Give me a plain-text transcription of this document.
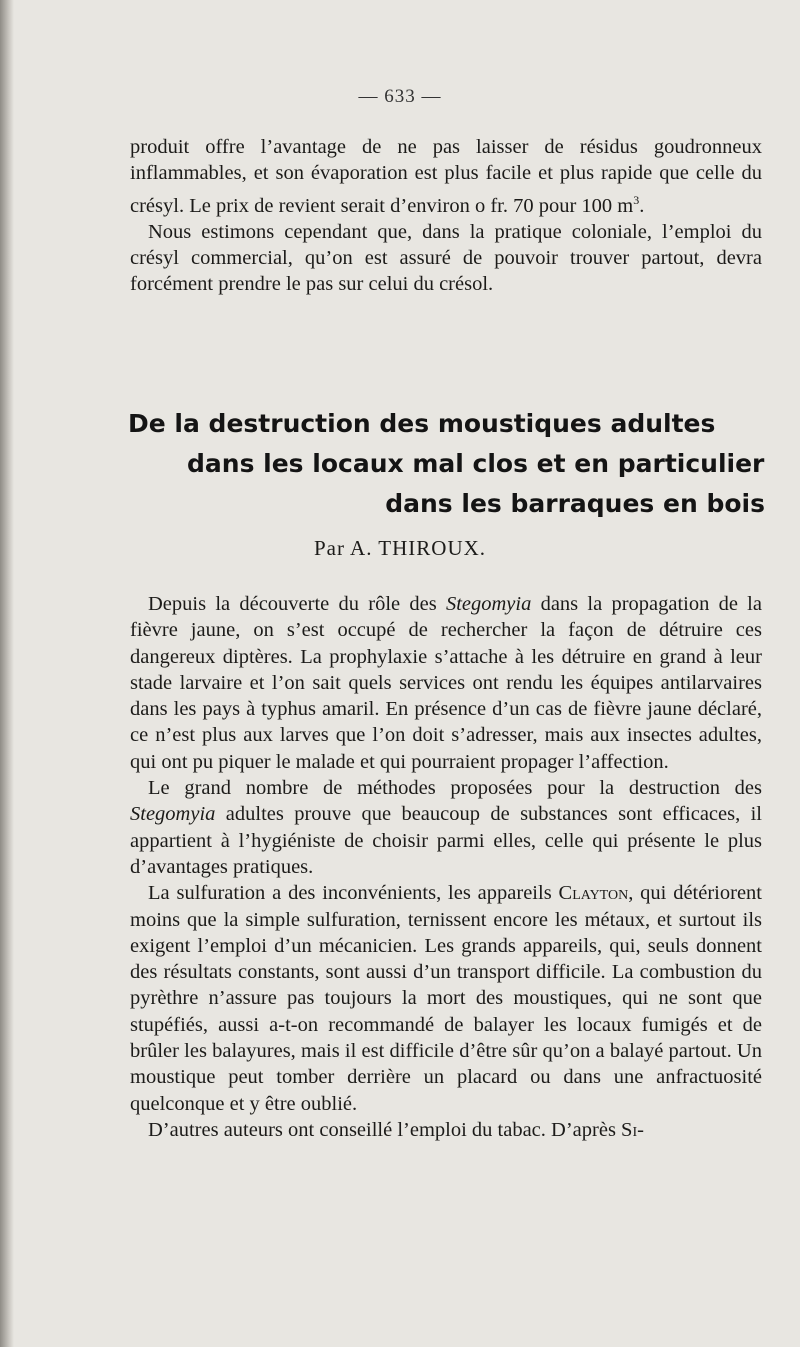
— 633 —

produit offre l’avantage de ne pas laisser de résidus goudronneux inflammables, et son évaporation est plus facile et plus rapide que celle du crésyl. Le prix de revient serait d’environ o fr. 70 pour 100 $m^3$.

Nous estimons cependant que, dans la pratique coloniale, l’emploi du crésyl commercial, qu’on est assuré de pouvoir trouver partout, devra forcément prendre le pas sur celui du crésol.

De la destruction des moustiques adultes
dans les locaux mal clos et en particulier
dans les barraques en bois
Par A. THIROUX.

Depuis la découverte du rôle des Stegomyia dans la propagation de la fièvre jaune, on s’est occupé de rechercher la façon de détruire ces dangereux diptères. La prophylaxie s’attache à les détruire en grand à leur stade larvaire et l’on sait quels services ont rendu les équipes antilarvaires dans les pays à typhus amaril. En présence d’un cas de fièvre jaune déclaré, ce n’est plus aux larves que l’on doit s’adresser, mais aux insectes adultes, qui ont pu piquer le malade et qui pourraient propager l’affection.

Le grand nombre de méthodes proposées pour la destruction des Stegomyia adultes prouve que beaucoup de substances sont efficaces, il appartient à l’hygiéniste de choisir parmi elles, celle qui présente le plus d’avantages pratiques.

La sulfuration a des inconvénients, les appareils Clayton, qui détériorent moins que la simple sulfuration, ternissent encore les métaux, et surtout ils exigent l’emploi d’un mécanicien. Les grands appareils, qui, seuls donnent des résultats constants, sont aussi d’un transport difficile. La combustion du pyrèthre n’assure pas toujours la mort des moustiques, qui ne sont que stupéfiés, aussi a-t-on recommandé de balayer les locaux fumigés et de brûler les balayures, mais il est difficile d’être sûr qu’on a balayé partout. Un moustique peut tomber derrière un placard ou dans une anfractuosité quelconque et y être oublié.

D’autres auteurs ont conseillé l’emploi du tabac. D’après Si-
